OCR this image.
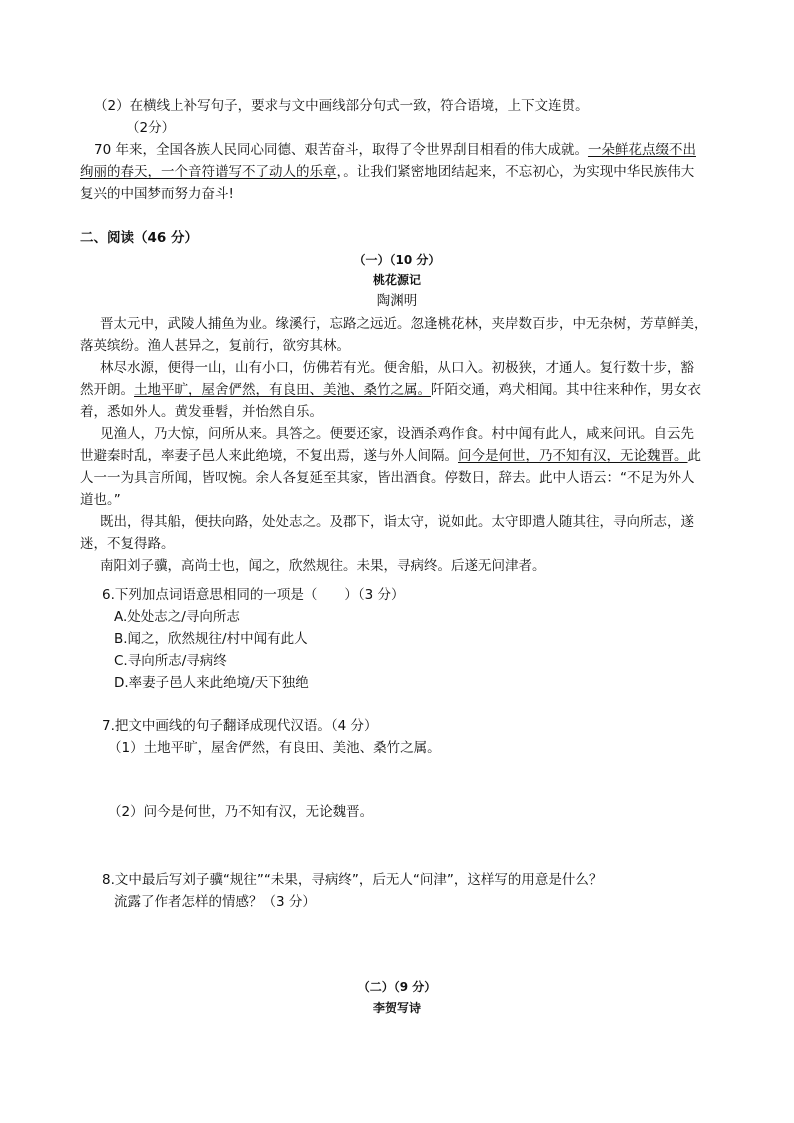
（2）在横线上补写句子，要求与文中画线部分句式一致，符合语境，上下文连贯。
（2分）
70 年来，全国各族人民同心同德、艰苦奋斗，取得了令世界刮目相看的伟大成就。一朵鲜花点缀不出
绚丽的春天，一个音符谱写不了动人的乐章，。让我们紧密地团结起来，不忘初心，为实现中华民族伟大
复兴的中国梦而努力奋斗!
二、阅读（46 分）
（一）（10 分）
桃花源记
陶渊明
晋太元中，武陵人捕鱼为业。缘溪行，忘路之远近。忽逢桃花林，夹岸数百步，中无杂树，芳草鲜美，
落英缤纷。渔人甚异之，复前行，欲穷其林。
林尽水源，便得一山，山有小口，仿佛若有光。便舍船，从口入。初极狭，才通人。复行数十步，豁
然开朗。土地平旷，屋舍俨然，有良田、美池、桑竹之属。阡陌交通，鸡犬相闻。其中往来种作，男女衣
着，悉如外人。黄发垂髫，并怡然自乐。
见渔人，乃大惊，问所从来。具答之。便要还家，设酒杀鸡作食。村中闻有此人，咸来问讯。自云先
世避秦时乱，率妻子邑人来此绝境，不复出焉，遂与外人间隔。问今是何世，乃不知有汉，无论魏晋。此
人一一为具言所闻，皆叹惋。余人各复延至其家，皆出酒食。停数日，辞去。此中人语云：“不足为外人
道也。”
既出，得其船，便扶向路，处处志之。及郡下，诣太守，说如此。太守即遣人随其往，寻向所志，遂
迷，不复得路。
南阳刘子骥，高尚士也，闻之，欣然规往。未果，寻病终。后遂无问津者。
6.下列加点词语意思相同的一项是（　　）（3 分）
A.处处志之/寻向所志
B.闻之，欣然规往/村中闻有此人
C.寻向所志/寻病终
D.率妻子邑人来此绝境/天下独绝
7.把文中画线的句子翻译成现代汉语。（4 分）
（1）土地平旷，屋舍俨然，有良田、美池、桑竹之属。
（2）问今是何世，乃不知有汉，无论魏晋。
8.文中最后写刘子骥“规往”“未果，寻病终”，后无人“问津”，这样写的用意是什么？
流露了作者怎样的情感？（3 分）
（二）（9 分）
李贺写诗
